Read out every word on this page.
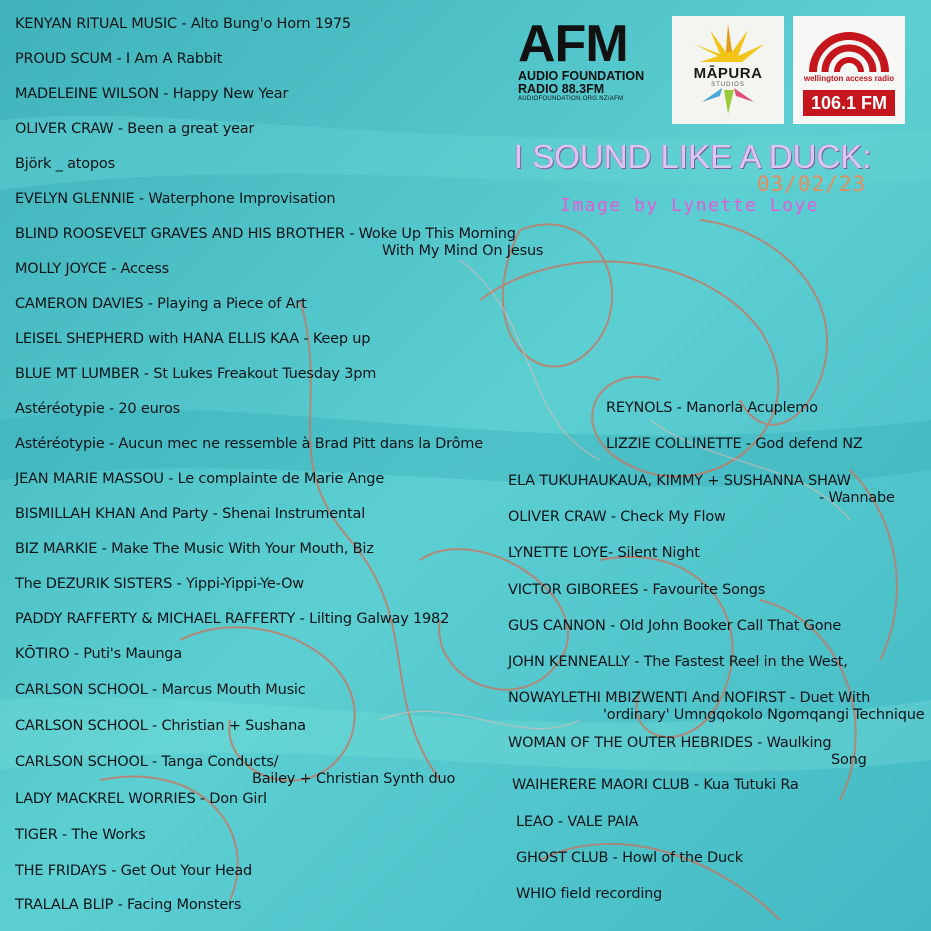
KENYAN RITUAL MUSIC - Alto Bung'o Horn 1975

PROUD SCUM - I Am A Rabbit

MADELEINE WILSON - Happy New Year

OLIVER CRAW - Been a great year

Björk _ atopos

EVELYN GLENNIE - Waterphone Improvisation

BLIND ROOSEVELT GRAVES AND HIS BROTHER - Woke Up This Morning
With My Mind On Jesus

MOLLY JOYCE - Access

CAMERON DAVIES - Playing a Piece of Art

LEISEL SHEPHERD with HANA ELLIS KAA - Keep up

BLUE MT LUMBER - St Lukes Freakout Tuesday 3pm

Astéréotypie - 20 euros

Astéréotypie - Aucun mec ne ressemble à Brad Pitt dans la Drôme

JEAN MARIE MASSOU - Le complainte de Marie Ange

BISMILLAH KHAN And Party - Shenai Instrumental

BIZ MARKIE - Make The Music With Your Mouth, Biz

The DEZURIK SISTERS - Yippi-Yippi-Ye-Ow

PADDY RAFFERTY & MICHAEL RAFFERTY - Lilting Galway 1982

KŌTIRO - Puti's Maunga

CARLSON SCHOOL - Marcus Mouth Music

CARLSON SCHOOL - Christian + Sushana

CARLSON SCHOOL - Tanga Conducts/
Bailey + Christian Synth duo

LADY MACKREL WORRIES - Don Girl

TIGER - The Works

THE FRIDAYS - Get Out Your Head

TRALALA BLIP - Facing Monsters

REYNOLS - Manorla Acuplemo

LIZZIE COLLINETTE - God defend NZ

ELA TUKUHAUKAUA, KIMMY + SUSHANNA SHAW
- Wannabe

OLIVER CRAW - Check My Flow

LYNETTE LOYE- Silent Night

VICTOR GIBOREES - Favourite Songs

GUS CANNON - Old John Booker Call That Gone

JOHN KENNEALLY - The Fastest Reel in the West,

NOWAYLETHI MBIZWENTI And NOFIRST - Duet With
'ordinary' Umngqokolo Ngomqangi Technique

WOMAN OF THE OUTER HEBRIDES - Waulking
Song

WAIHERERE MAORI CLUB - Kua Tutuki Ra

LEAO - VALE PAIA

GHOST CLUB - Howl of the Duck

WHIO field recording

AFM
AUDIO FOUNDATION
RADIO 88.3FM
AUDIOFOUNDATION.ORG.NZ/AFM
MĀPURA
STUDIOS
wellington access radio
106.1 FM
I SOUND LIKE A DUCK:
03/02/23
Image by Lynette Loye
